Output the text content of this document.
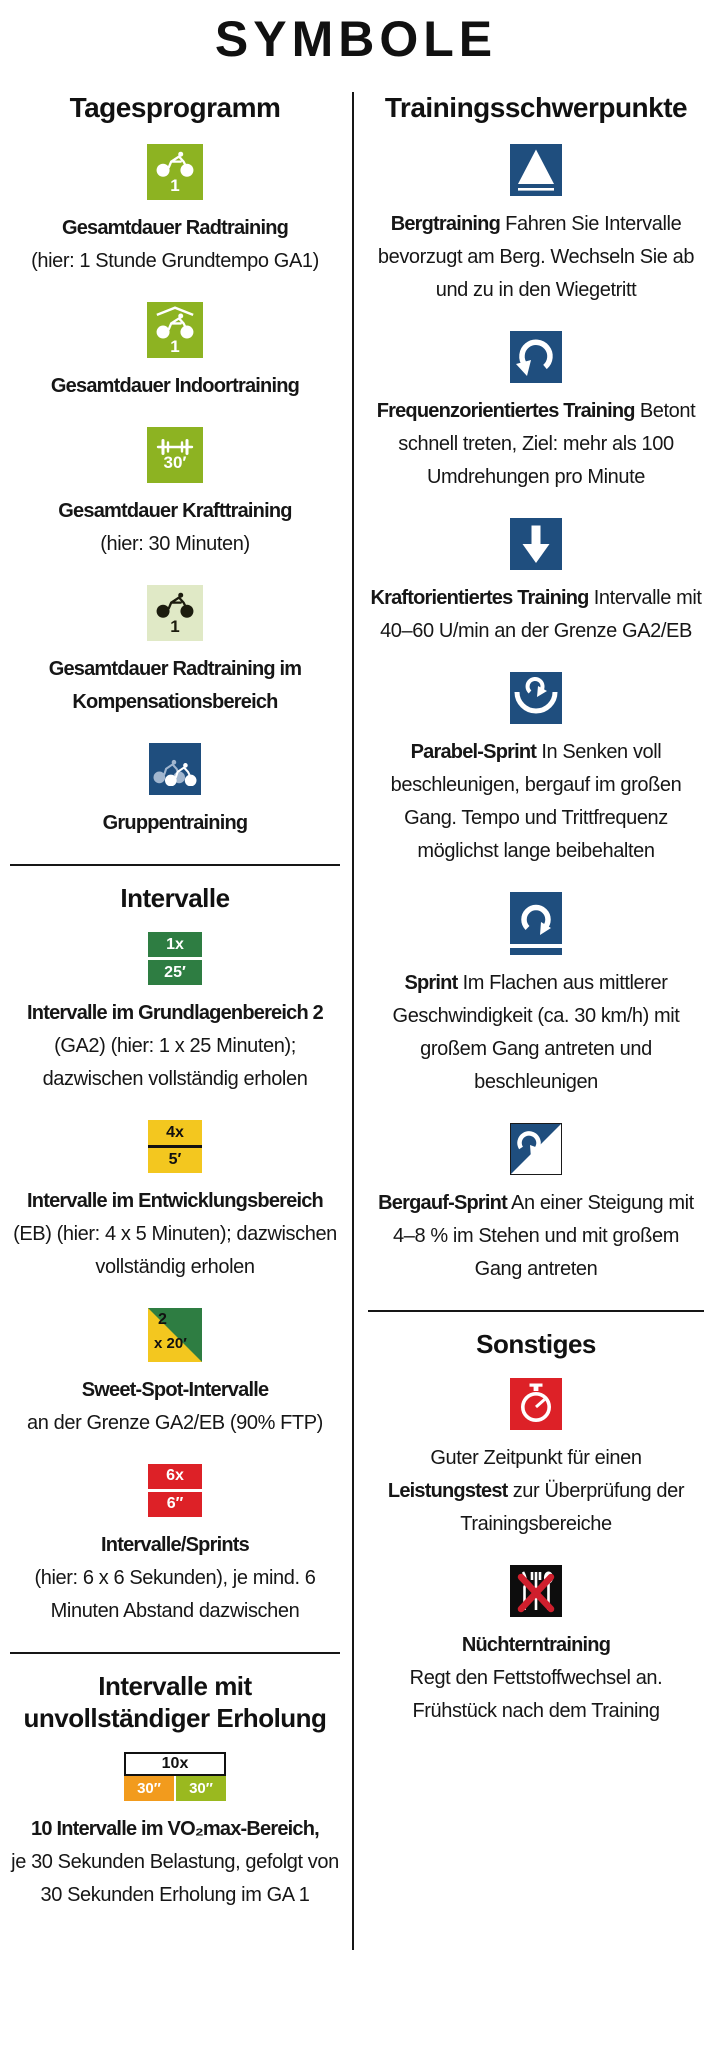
SYMBOLE
Tagesprogramm
1

Gesamtdauer Radtraining
(hier: 1 Stunde Grundtempo GA1)

1

Gesamtdauer Indoortraining

30′

Gesamtdauer Krafttraining
(hier: 30 Minuten)

1

Gesamtdauer Radtraining im Kompensationsbereich

Gruppentraining

Intervalle
1x
25′

Intervalle im Grundlagenbereich 2
(GA2) (hier: 1 x 25 Minuten); dazwischen vollständig erholen

4x
5′

Intervalle im Entwicklungsbereich
(EB) (hier: 4 x 5 Minuten); dazwischen vollständig erholen

2
x 20′

Sweet-Spot-Intervalle
an der Grenze GA2/EB (90% FTP)

6x
6″

Intervalle/Sprints
(hier: 6 x 6 Sekunden), je mind. 6 Minuten Abstand dazwischen

Intervalle mit unvollständiger Erholung
10x
30″	30″

10 Intervalle im VO₂max-Bereich,
je 30 Sekunden Belastung, gefolgt von 30 Sekunden Erholung im GA 1

Trainingsschwerpunkte

Bergtraining Fahren Sie Intervalle bevorzugt am Berg. Wechseln Sie ab und zu in den Wiegetritt

Frequenzorientiertes Training Betont schnell treten, Ziel: mehr als 100 Umdrehungen pro Minute

Kraftorientiertes Training Intervalle mit 40–60 U/min an der Grenze GA2/EB

Parabel-Sprint In Senken voll beschleunigen, bergauf im großen Gang. Tempo und Trittfrequenz möglichst lange beibehalten

Sprint Im Flachen aus mittlerer Geschwindigkeit (ca. 30 km/h) mit großem Gang antreten und beschleunigen

Bergauf-Sprint An einer Steigung mit 4–8 % im Stehen und mit großem Gang antreten

Sonstiges

Guter Zeitpunkt für einen Leistungstest zur Überprüfung der Trainingsbereiche

Nüchterntraining
Regt den Fettstoffwechsel an. Frühstück nach dem Training
